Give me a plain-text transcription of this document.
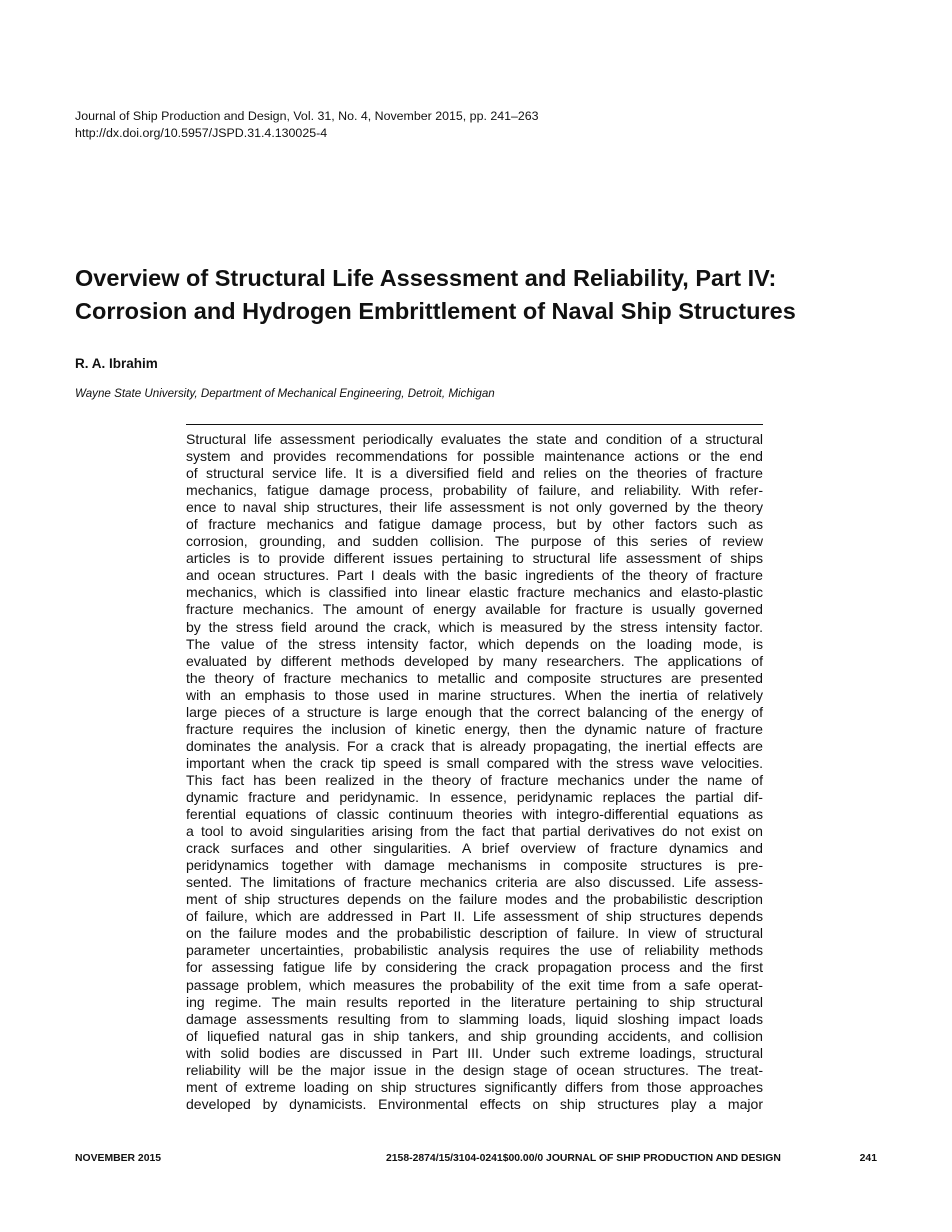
Journal of Ship Production and Design, Vol. 31, No. 4, November 2015, pp. 241–263
http://dx.doi.org/10.5957/JSPD.31.4.130025-4
Overview of Structural Life Assessment and Reliability, Part IV:
Corrosion and Hydrogen Embrittlement of Naval Ship Structures
R. A. Ibrahim
Wayne State University, Department of Mechanical Engineering, Detroit, Michigan
Structural life assessment periodically evaluates the state and condition of a structural
system and provides recommendations for possible maintenance actions or the end
of structural service life. It is a diversified field and relies on the theories of fracture
mechanics, fatigue damage process, probability of failure, and reliability. With refer-
ence to naval ship structures, their life assessment is not only governed by the theory
of fracture mechanics and fatigue damage process, but by other factors such as
corrosion, grounding, and sudden collision. The purpose of this series of review
articles is to provide different issues pertaining to structural life assessment of ships
and ocean structures. Part I deals with the basic ingredients of the theory of fracture
mechanics, which is classified into linear elastic fracture mechanics and elasto-plastic
fracture mechanics. The amount of energy available for fracture is usually governed
by the stress field around the crack, which is measured by the stress intensity factor.
The value of the stress intensity factor, which depends on the loading mode, is
evaluated by different methods developed by many researchers. The applications of
the theory of fracture mechanics to metallic and composite structures are presented
with an emphasis to those used in marine structures. When the inertia of relatively
large pieces of a structure is large enough that the correct balancing of the energy of
fracture requires the inclusion of kinetic energy, then the dynamic nature of fracture
dominates the analysis. For a crack that is already propagating, the inertial effects are
important when the crack tip speed is small compared with the stress wave velocities.
This fact has been realized in the theory of fracture mechanics under the name of
dynamic fracture and peridynamic. In essence, peridynamic replaces the partial dif-
ferential equations of classic continuum theories with integro-differential equations as
a tool to avoid singularities arising from the fact that partial derivatives do not exist on
crack surfaces and other singularities. A brief overview of fracture dynamics and
peridynamics together with damage mechanisms in composite structures is pre-
sented. The limitations of fracture mechanics criteria are also discussed. Life assess-
ment of ship structures depends on the failure modes and the probabilistic description
of failure, which are addressed in Part II. Life assessment of ship structures depends
on the failure modes and the probabilistic description of failure. In view of structural
parameter uncertainties, probabilistic analysis requires the use of reliability methods
for assessing fatigue life by considering the crack propagation process and the first
passage problem, which measures the probability of the exit time from a safe operat-
ing regime. The main results reported in the literature pertaining to ship structural
damage assessments resulting from to slamming loads, liquid sloshing impact loads
of liquefied natural gas in ship tankers, and ship grounding accidents, and collision
with solid bodies are discussed in Part III. Under such extreme loadings, structural
reliability will be the major issue in the design stage of ocean structures. The treat-
ment of extreme loading on ship structures significantly differs from those approaches
developed by dynamicists. Environmental effects on ship structures play a major
NOVEMBER 2015	2158-2874/15/3104-0241$00.00/0 JOURNAL OF SHIP PRODUCTION AND DESIGN	241
